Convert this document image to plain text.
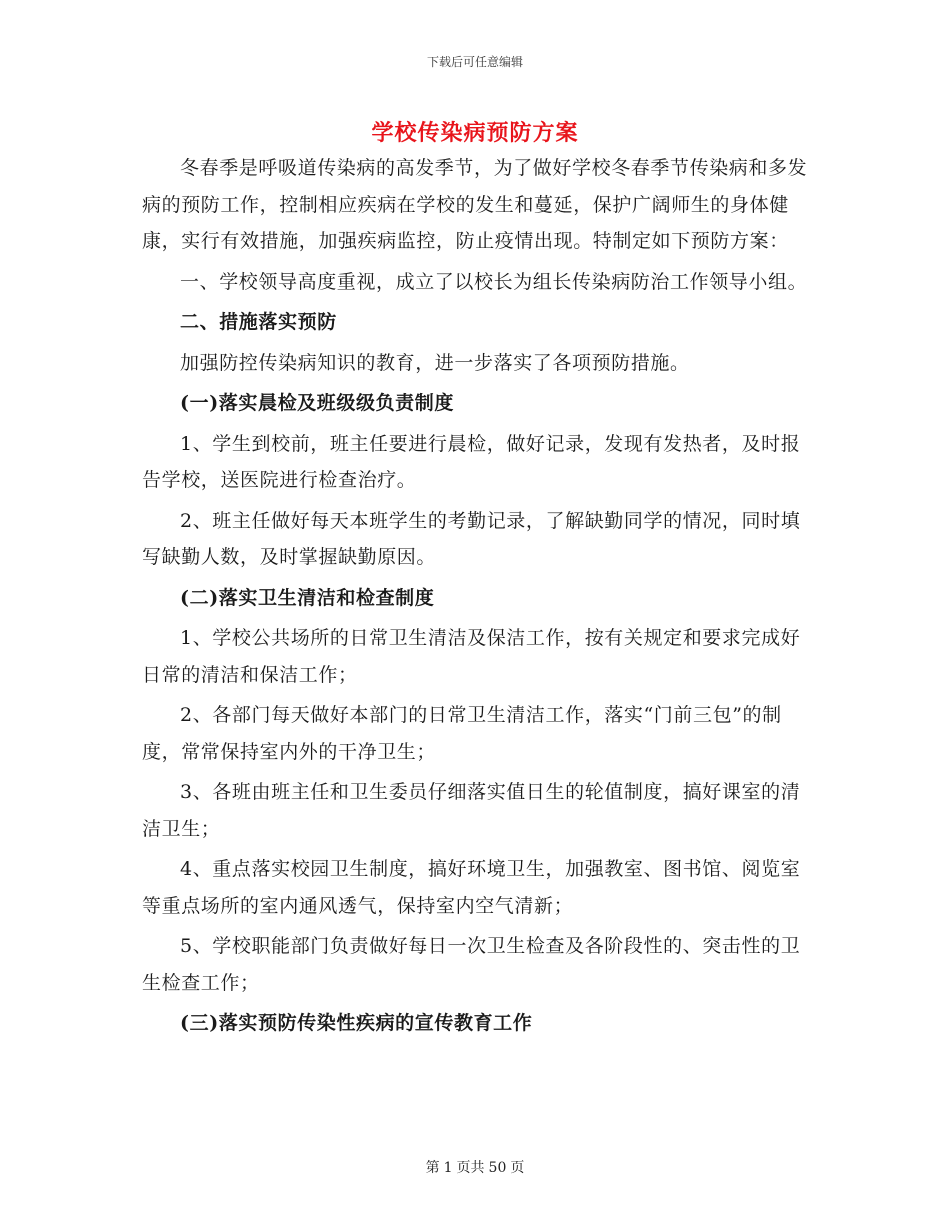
下载后可任意编辑
学校传染病预防方案

冬春季是呼吸道传染病的高发季节，为了做好学校冬春季节传染病和多发病的预防工作，控制相应疾病在学校的发生和蔓延，保护广阔师生的身体健康，实行有效措施，加强疾病监控，防止疫情出现。特制定如下预防方案：

一、学校领导高度重视，成立了以校长为组长传染病防治工作领导小组。

二、措施落实预防

加强防控传染病知识的教育，进一步落实了各项预防措施。

(一)落实晨检及班级级负责制度

1、学生到校前，班主任要进行晨检，做好记录，发现有发热者，及时报告学校，送医院进行检查治疗。

2、班主任做好每天本班学生的考勤记录，了解缺勤同学的情况，同时填写缺勤人数，及时掌握缺勤原因。

(二)落实卫生清洁和检查制度

1、学校公共场所的日常卫生清洁及保洁工作，按有关规定和要求完成好日常的清洁和保洁工作；

2、各部门每天做好本部门的日常卫生清洁工作，落实“门前三包”的制度，常常保持室内外的干净卫生；

3、各班由班主任和卫生委员仔细落实值日生的轮值制度，搞好课室的清洁卫生；

4、重点落实校园卫生制度，搞好环境卫生，加强教室、图书馆、阅览室等重点场所的室内通风透气，保持室内空气清新；

5、学校职能部门负责做好每日一次卫生检查及各阶段性的、突击性的卫生检查工作；

(三)落实预防传染性疾病的宣传教育工作

第 1 页共 50 页
